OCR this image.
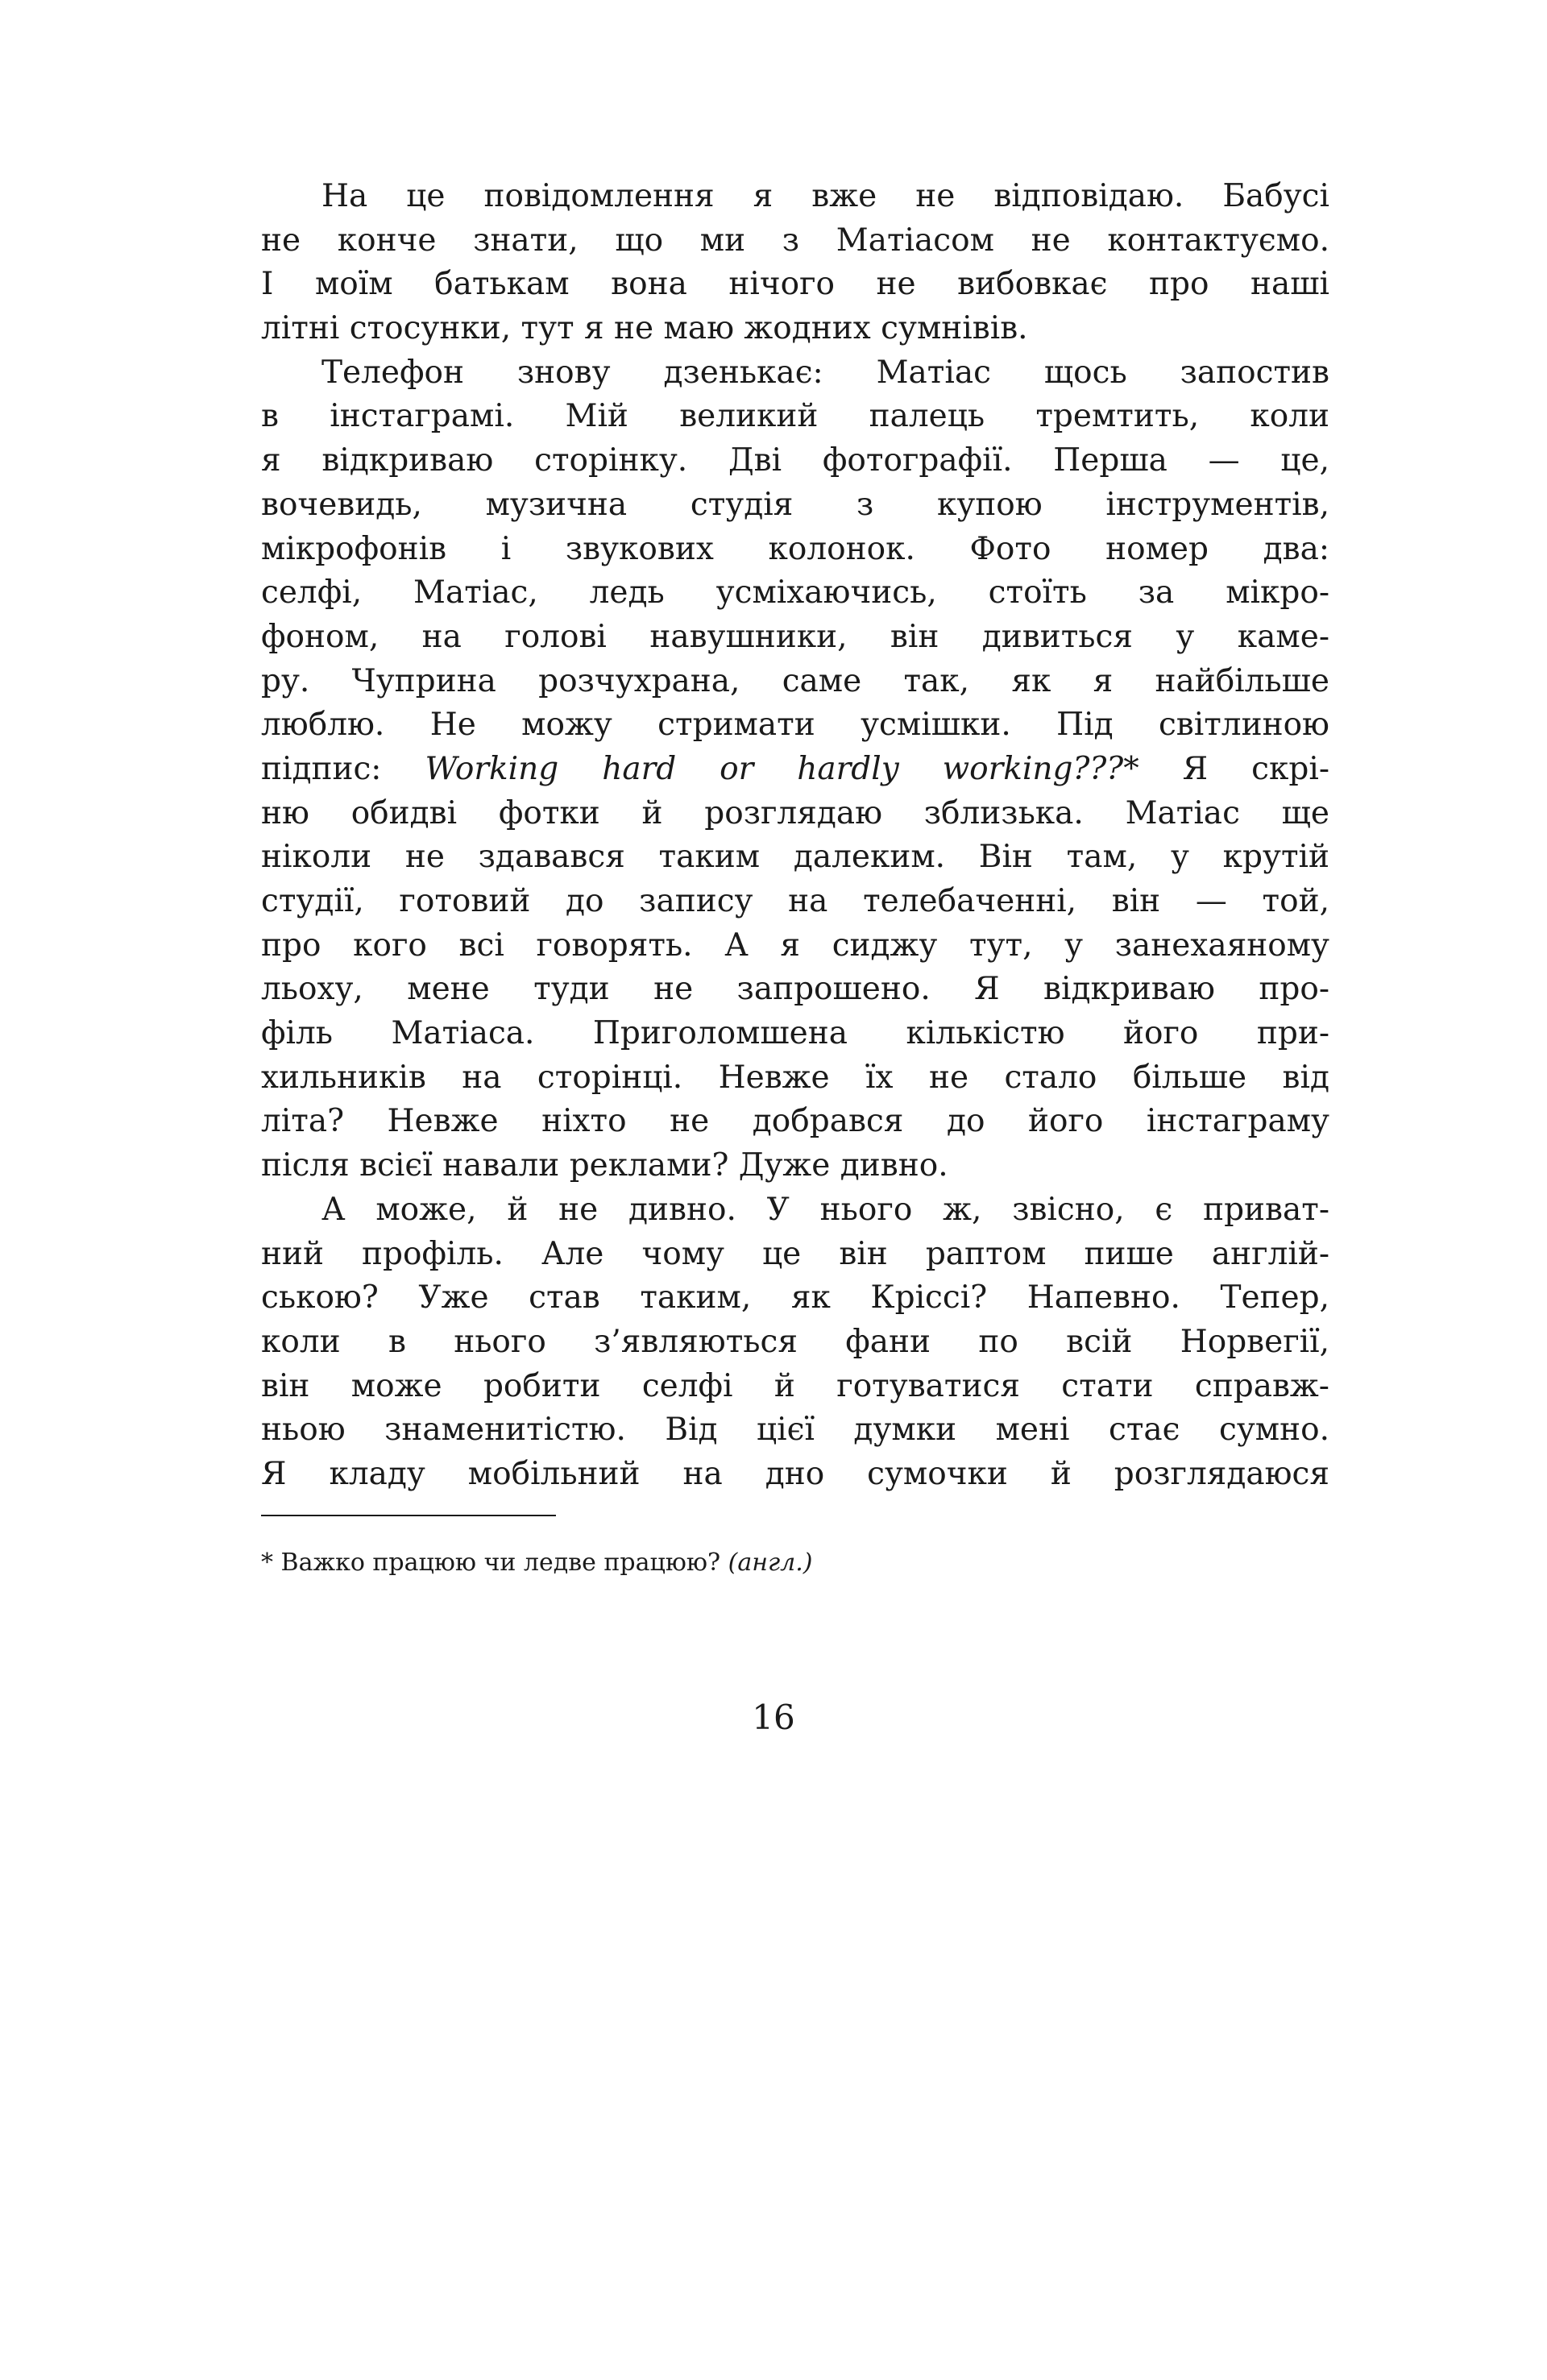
На це повідомлення я вже не відповідаю. Бабусі
не конче знати, що ми з Матіасом не контактуємо.
І моїм батькам вона нічого не вибовкає про наші
літні стосунки, тут я не маю жодних сумнівів.
Телефон знову дзенькає: Матіас щось запостив
в інстаграмі. Мій великий палець тремтить, коли
я відкриваю сторінку. Дві фотографії. Перша — це,
вочевидь, музична студія з купою інструментів,
мікрофонів і звукових колонок. Фото номер два:
селфі, Матіас, ледь усміхаючись, стоїть за мікро-
фоном, на голові навушники, він дивиться у каме-
ру. Чуприна розчухрана, саме так, як я найбільше
люблю. Не можу стримати усмішки. Під світлиною
підпис: Working hard or hardly working???* Я скрі-
ню обидві фотки й розглядаю зблизька. Матіас ще
ніколи не здавався таким далеким. Він там, у крутій
студії, готовий до запису на телебаченні, він — той,
про кого всі говорять. А я сиджу тут, у занехаяному
льоху, мене туди не запрошено. Я відкриваю про-
філь Матіаса. Приголомшена кількістю його при-
хильників на сторінці. Невже їх не стало більше від
літа? Невже ніхто не добрався до його інстаграму
після всієї навали реклами? Дуже дивно.
А може, й не дивно. У нього ж, звісно, є приват-
ний профіль. Але чому це він раптом пише англій-
ською? Уже став таким, як Кріссі? Напевно. Тепер,
коли в нього з’являються фани по всій Норвегії,
він може робити селфі й готуватися стати справж-
ньою знаменитістю. Від цієї думки мені стає сумно.
Я кладу мобільний на дно сумочки й розглядаюся
* Важко працюю чи ледве працюю? (англ.)
16
